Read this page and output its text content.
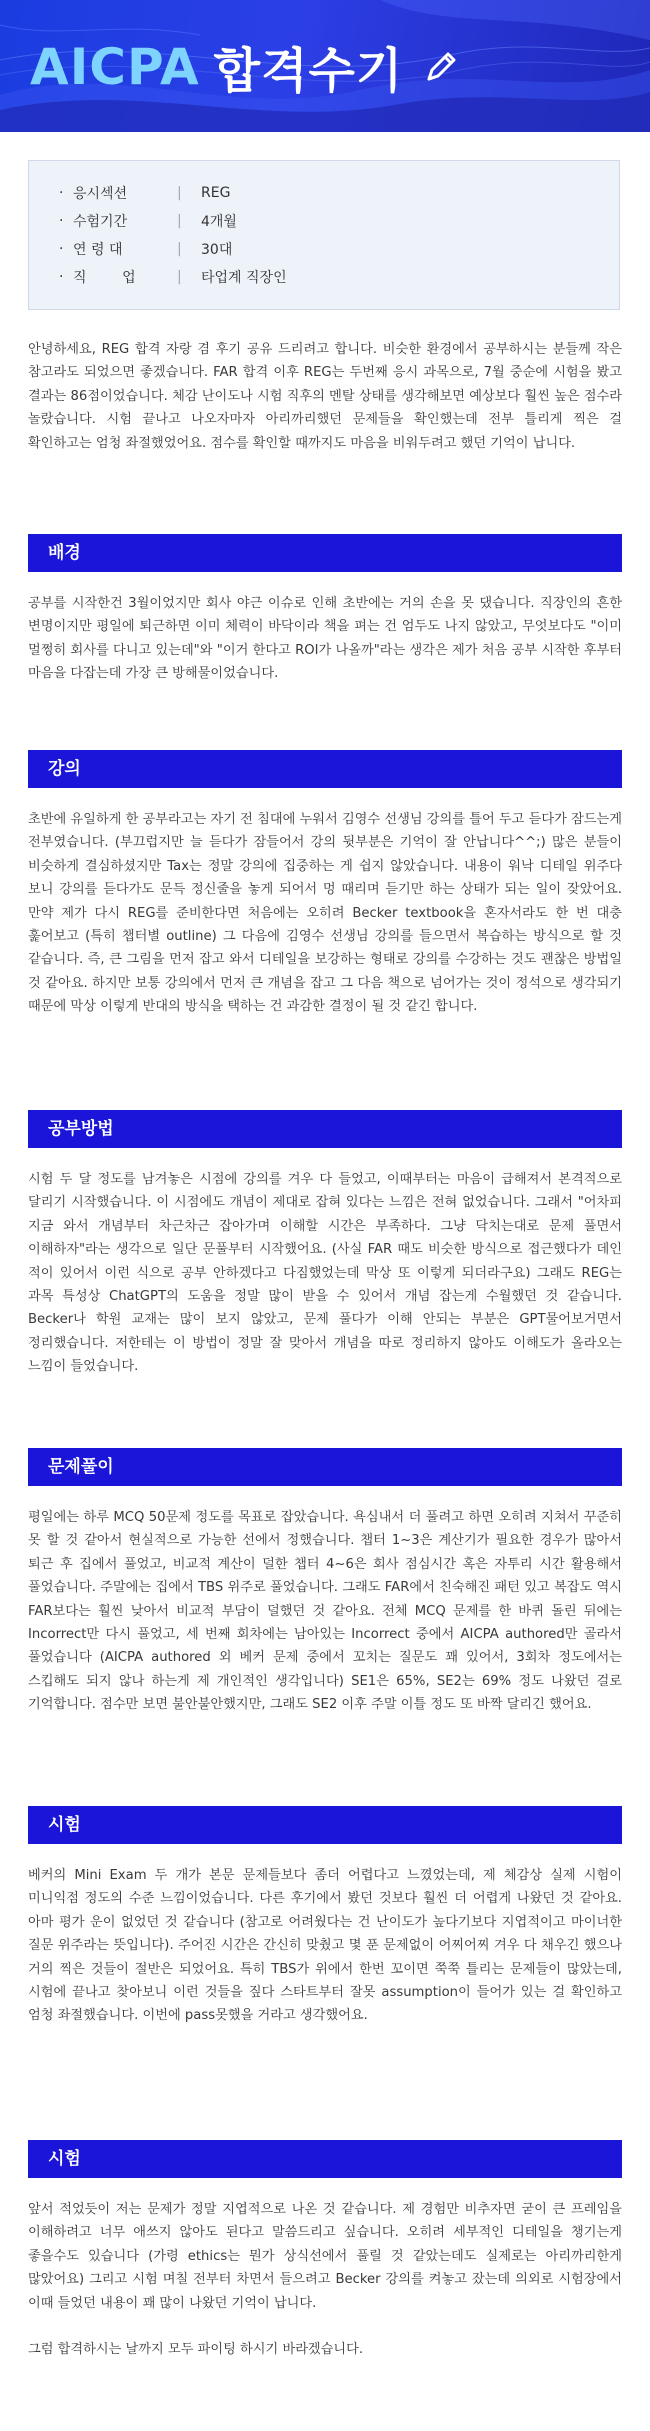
AICPA 합격수기
· 응시섹션	|	REG
· 수험기간	|	4개월
· 연 령 대	|	30대
· 직        업	|	타업계 직장인

안녕하세요, REG 합격 자랑 겸 후기 공유 드리려고 합니다. 비슷한 환경에서 공부하시는 분들께 작은 참고라도 되었으면 좋겠습니다. FAR 합격 이후 REG는 두번째 응시 과목으로, 7월 중순에 시험을 봤고 결과는 86점이었습니다. 체감 난이도나 시험 직후의 멘탈 상태를 생각해보면 예상보다 훨씬 높은 점수라 놀랐습니다. 시험 끝나고 나오자마자 아리까리했던 문제들을 확인했는데 전부 틀리게 찍은 걸 확인하고는 엄청 좌절했었어요. 점수를 확인할 때까지도 마음을 비워두려고 했던 기억이 납니다.

배경

공부를 시작한건 3월이었지만 회사 야근 이슈로 인해 초반에는 거의 손을 못 댔습니다. 직장인의 흔한 변명이지만 평일에 퇴근하면 이미 체력이 바닥이라 책을 펴는 건 엄두도 나지 않았고, 무엇보다도 "이미 멀쩡히 회사를 다니고 있는데"와 "이거 한다고 ROI가 나올까"라는 생각은 제가 처음 공부 시작한 후부터 마음을 다잡는데 가장 큰 방해물이었습니다.

강의

초반에 유일하게 한 공부라고는 자기 전 침대에 누워서 김영수 선생님 강의를 틀어 두고 듣다가 잠드는게 전부였습니다. (부끄럽지만 늘 듣다가 잠들어서 강의 뒷부분은 기억이 잘 안납니다^^;) 많은 분들이 비슷하게 결심하셨지만 Tax는 정말 강의에 집중하는 게 쉽지 않았습니다. 내용이 워낙 디테일 위주다 보니 강의를 듣다가도 문득 정신줄을 놓게 되어서 멍 때리며 듣기만 하는 상태가 되는 일이 잦았어요. 만약 제가 다시 REG를 준비한다면 처음에는 오히려 Becker textbook을 혼자서라도 한 번 대충 훑어보고 (특히 챕터별 outline) 그 다음에 김영수 선생님 강의를 들으면서 복습하는 방식으로 할 것 같습니다. 즉, 큰 그림을 먼저 잡고 와서 디테일을 보강하는 형태로 강의를 수강하는 것도 괜찮은 방법일 것 같아요. 하지만 보통 강의에서 먼저 큰 개념을 잡고 그 다음 책으로 넘어가는 것이 정석으로 생각되기 때문에 막상 이렇게 반대의 방식을 택하는 건 과감한 결정이 될 것 같긴 합니다.

공부방법

시험 두 달 정도를 남겨놓은 시점에 강의를 겨우 다 들었고, 이때부터는 마음이 급해져서 본격적으로 달리기 시작했습니다. 이 시점에도 개념이 제대로 잡혀 있다는 느낌은 전혀 없었습니다. 그래서 "어차피 지금 와서 개념부터 차근차근 잡아가며 이해할 시간은 부족하다. 그냥 닥치는대로 문제 풀면서 이해하자"라는 생각으로 일단 문풀부터 시작했어요. (사실 FAR 때도 비슷한 방식으로 접근했다가 데인 적이 있어서 이런 식으로 공부 안하겠다고 다짐했었는데 막상 또 이렇게 되더라구요) 그래도 REG는 과목 특성상 ChatGPT의 도움을 정말 많이 받을 수 있어서 개념 잡는게 수월했던 것 같습니다. Becker나 학원 교재는 많이 보지 않았고, 문제 풀다가 이해 안되는 부분은 GPT물어보거면서 정리했습니다. 저한테는 이 방법이 정말 잘 맞아서 개념을 따로 정리하지 않아도 이해도가 올라오는 느낌이 들었습니다.

문제풀이

평일에는 하루 MCQ 50문제 정도를 목표로 잡았습니다. 욕심내서 더 풀려고 하면 오히려 지쳐서 꾸준히 못 할 것 같아서 현실적으로 가능한 선에서 정했습니다. 챕터 1~3은 계산기가 필요한 경우가 많아서 퇴근 후 집에서 풀었고, 비교적 계산이 덜한 챕터 4~6은 회사 점심시간 혹은 자투리 시간 활용해서 풀었습니다. 주말에는 집에서 TBS 위주로 풀었습니다. 그래도 FAR에서 친숙해진 패턴 있고 복잡도 역시 FAR보다는 훨씬 낮아서 비교적 부담이 덜했던 것 같아요. 전체 MCQ 문제를 한 바퀴 돌린 뒤에는 Incorrect만 다시 풀었고, 세 번째 회차에는 남아있는 Incorrect 중에서 AICPA authored만 골라서 풀었습니다 (AICPA authored 외 베커 문제 중에서 꼬치는 질문도 꽤 있어서, 3회차 정도에서는 스킵해도 되지 않나 하는게 제 개인적인 생각입니다) SE1은 65%, SE2는 69% 정도 나왔던 걸로 기억합니다. 점수만 보면 불안불안했지만, 그래도 SE2 이후 주말 이틀 정도 또 바짝 달리긴 했어요.

시험

베커의 Mini Exam 두 개가 본문 문제들보다 좀더 어렵다고 느꼈었는데, 제 체감상 실제 시험이 미니익점 정도의 수준 느낌이었습니다. 다른 후기에서 봤던 것보다 훨씬 더 어렵게 나왔던 것 같아요. 아마 평가 운이 없었던 것 같습니다 (참고로 어려웠다는 건 난이도가 높다기보다 지엽적이고 마이너한 질문 위주라는 뜻입니다). 주어진 시간은 간신히 맞췄고 몇 푼 문제없이 어찌어찌 겨우 다 채우긴 했으나 거의 찍은 것들이 절반은 되었어요. 특히 TBS가 위에서 한번 꼬이면 쭉쭉 틀리는 문제들이 많았는데, 시험에 끝나고 찾아보니 이런 것들을 짚다 스타트부터 잘못 assumption이 들어가 있는 걸 확인하고 엄청 좌절했습니다. 이번에 pass못했을 거라고 생각했어요.

시험

앞서 적었듯이 저는 문제가 정말 지엽적으로 나온 것 같습니다. 제 경험만 비추자면 굳이 큰 프레임을 이해하려고 너무 애쓰지 않아도 된다고 말씀드리고 싶습니다. 오히려 세부적인 디테일을 챙기는게 좋을수도 있습니다 (가령 ethics는 뭔가 상식선에서 풀릴 것 같았는데도 실제로는 아리까리한게 많았어요) 그리고 시험 며칠 전부터 차면서 들으려고 Becker 강의를 켜놓고 잤는데 의외로 시험장에서 이때 들었던 내용이 꽤 많이 나왔던 기억이 납니다.

그럼 합격하시는 날까지 모두 파이팅 하시기 바라겠습니다.
